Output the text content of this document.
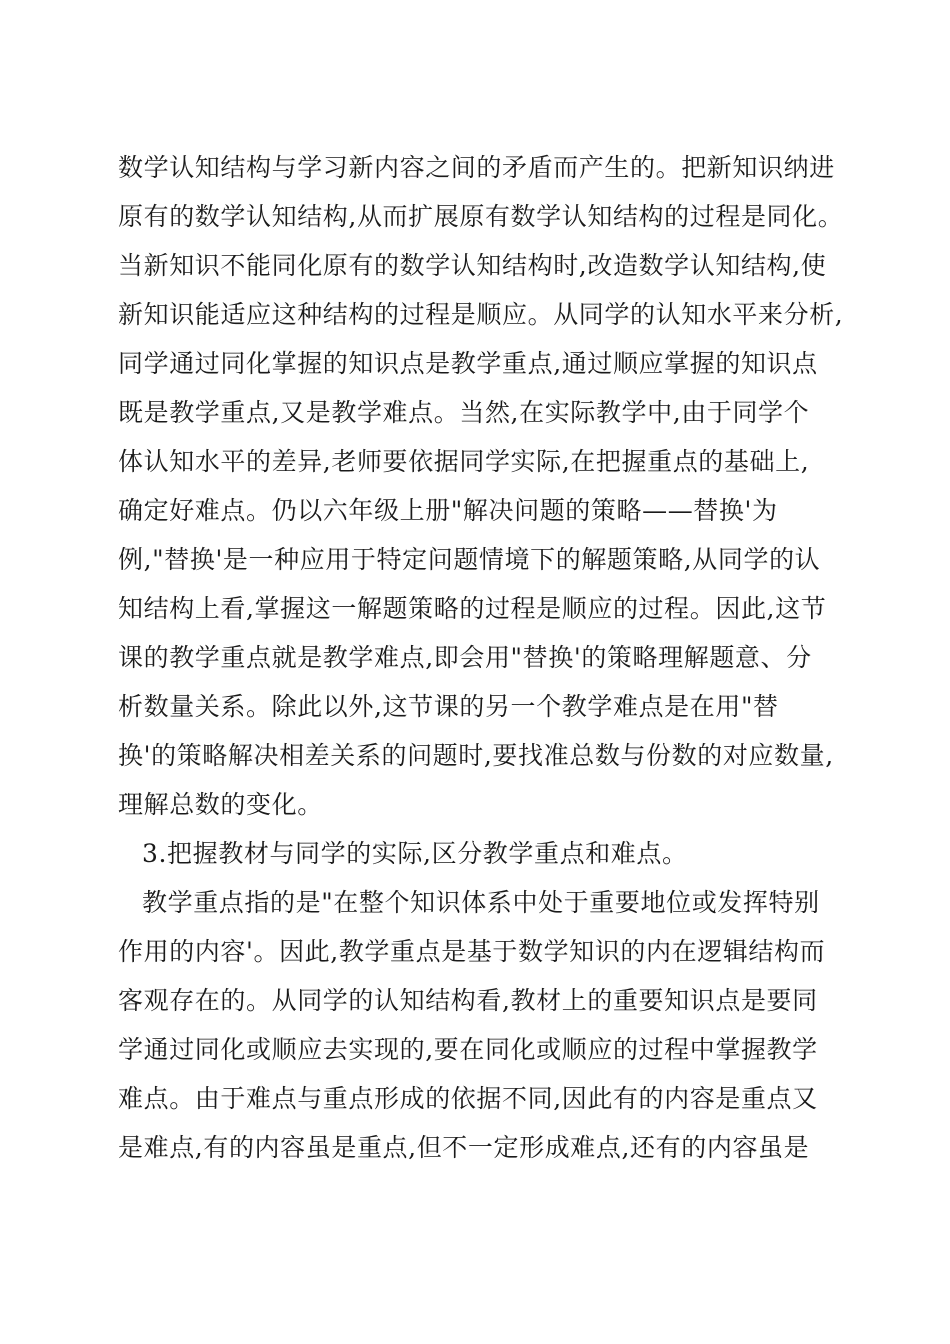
数学认知结构与学习新内容之间的矛盾而产生的。把新知识纳进
原有的数学认知结构,从而扩展原有数学认知结构的过程是同化。
当新知识不能同化原有的数学认知结构时,改造数学认知结构,使
新知识能适应这种结构的过程是顺应。从同学的认知水平来分析,
同学通过同化掌握的知识点是教学重点,通过顺应掌握的知识点
既是教学重点,又是教学难点。当然,在实际教学中,由于同学个
体认知水平的差异,老师要依据同学实际,在把握重点的基础上,
确定好难点。仍以六年级上册"解决问题的策略——替换'为
例,"替换'是一种应用于特定问题情境下的解题策略,从同学的认
知结构上看,掌握这一解题策略的过程是顺应的过程。因此,这节
课的教学重点就是教学难点,即会用"替换'的策略理解题意、分
析数量关系。除此以外,这节课的另一个教学难点是在用"替
换'的策略解决相差关系的问题时,要找准总数与份数的对应数量,
理解总数的变化。
3.把握教材与同学的实际,区分教学重点和难点。
教学重点指的是"在整个知识体系中处于重要地位或发挥特别
作用的内容'。因此,教学重点是基于数学知识的内在逻辑结构而
客观存在的。从同学的认知结构看,教材上的重要知识点是要同
学通过同化或顺应去实现的,要在同化或顺应的过程中掌握教学
难点。由于难点与重点形成的依据不同,因此有的内容是重点又
是难点,有的内容虽是重点,但不一定形成难点,还有的内容虽是
